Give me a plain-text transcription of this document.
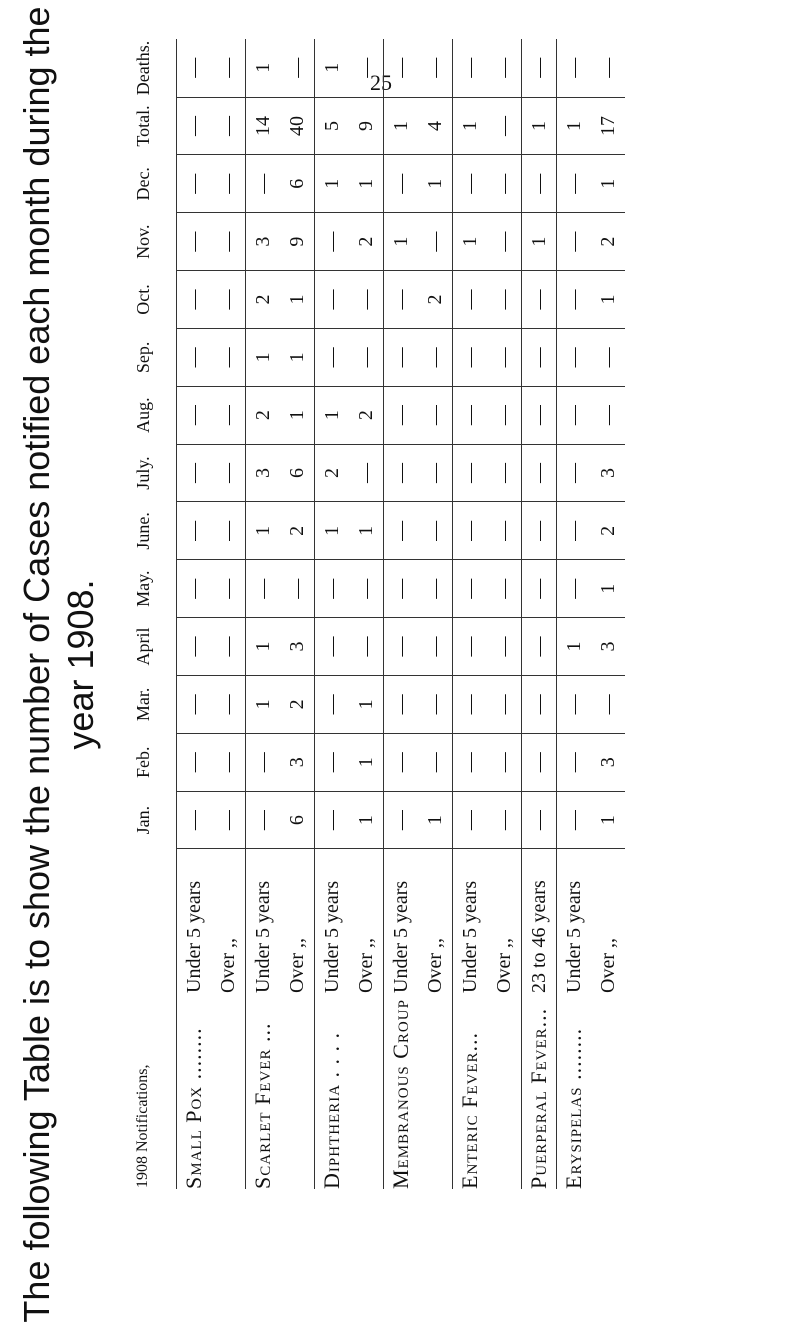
25
The following Table is to show the number of Cases notified each month during the year 1908.
1908 Notifications,		Jan.	Feb.	Mar.	April	May.	June.	July.	Aug.	Sep.	Oct.	Nov.	Dec.	Total.	Deaths.
Small Pox ........	Under 5 years	—	—	—	—	—	—	—	—	—	—	—	—	—	—
	Over ,,	—	—	—	—	—	—	—	—	—	—	—	—	—	—
Scarlet Fever ...	Under 5 years	—	—	1	1	—	1	3	2	1	2	3	—	14	1
	Over ,,	6	3	2	3	—	2	6	1	1	1	9	6	40	—
Diphtheria . . . .	Under 5 years	—	—	—	—	—	1	2	1	—	—	—	1	5	1
	Over ,,	1	1	1	—	—	1	—	2	—	—	2	1	9	—
Membranous Croup	Under 5 years	—	—	—	—	—	—	—	—	—	—	1	—	1	—
	Over ,,	1	—	—	—	—	—	—	—	—	2	—	1	4	—
Enteric Fever...	Under 5 years	—	—	—	—	—	—	—	—	—	—	1	—	1	—
	Over ,,	—	—	—	—	—	—	—	—	—	—	—	—	—	—
Puerperal Fever...	23 to 46 years	—	—	—	—	—	—	—	—	—	—	1	—	1	—
Erysipelas ........	Under 5 years	—	—	—	1	—	—	—	—	—	—	—	—	1	—
	Over ,,	1	3	—	3	1	2	3	—	—	1	2	1	17	—
